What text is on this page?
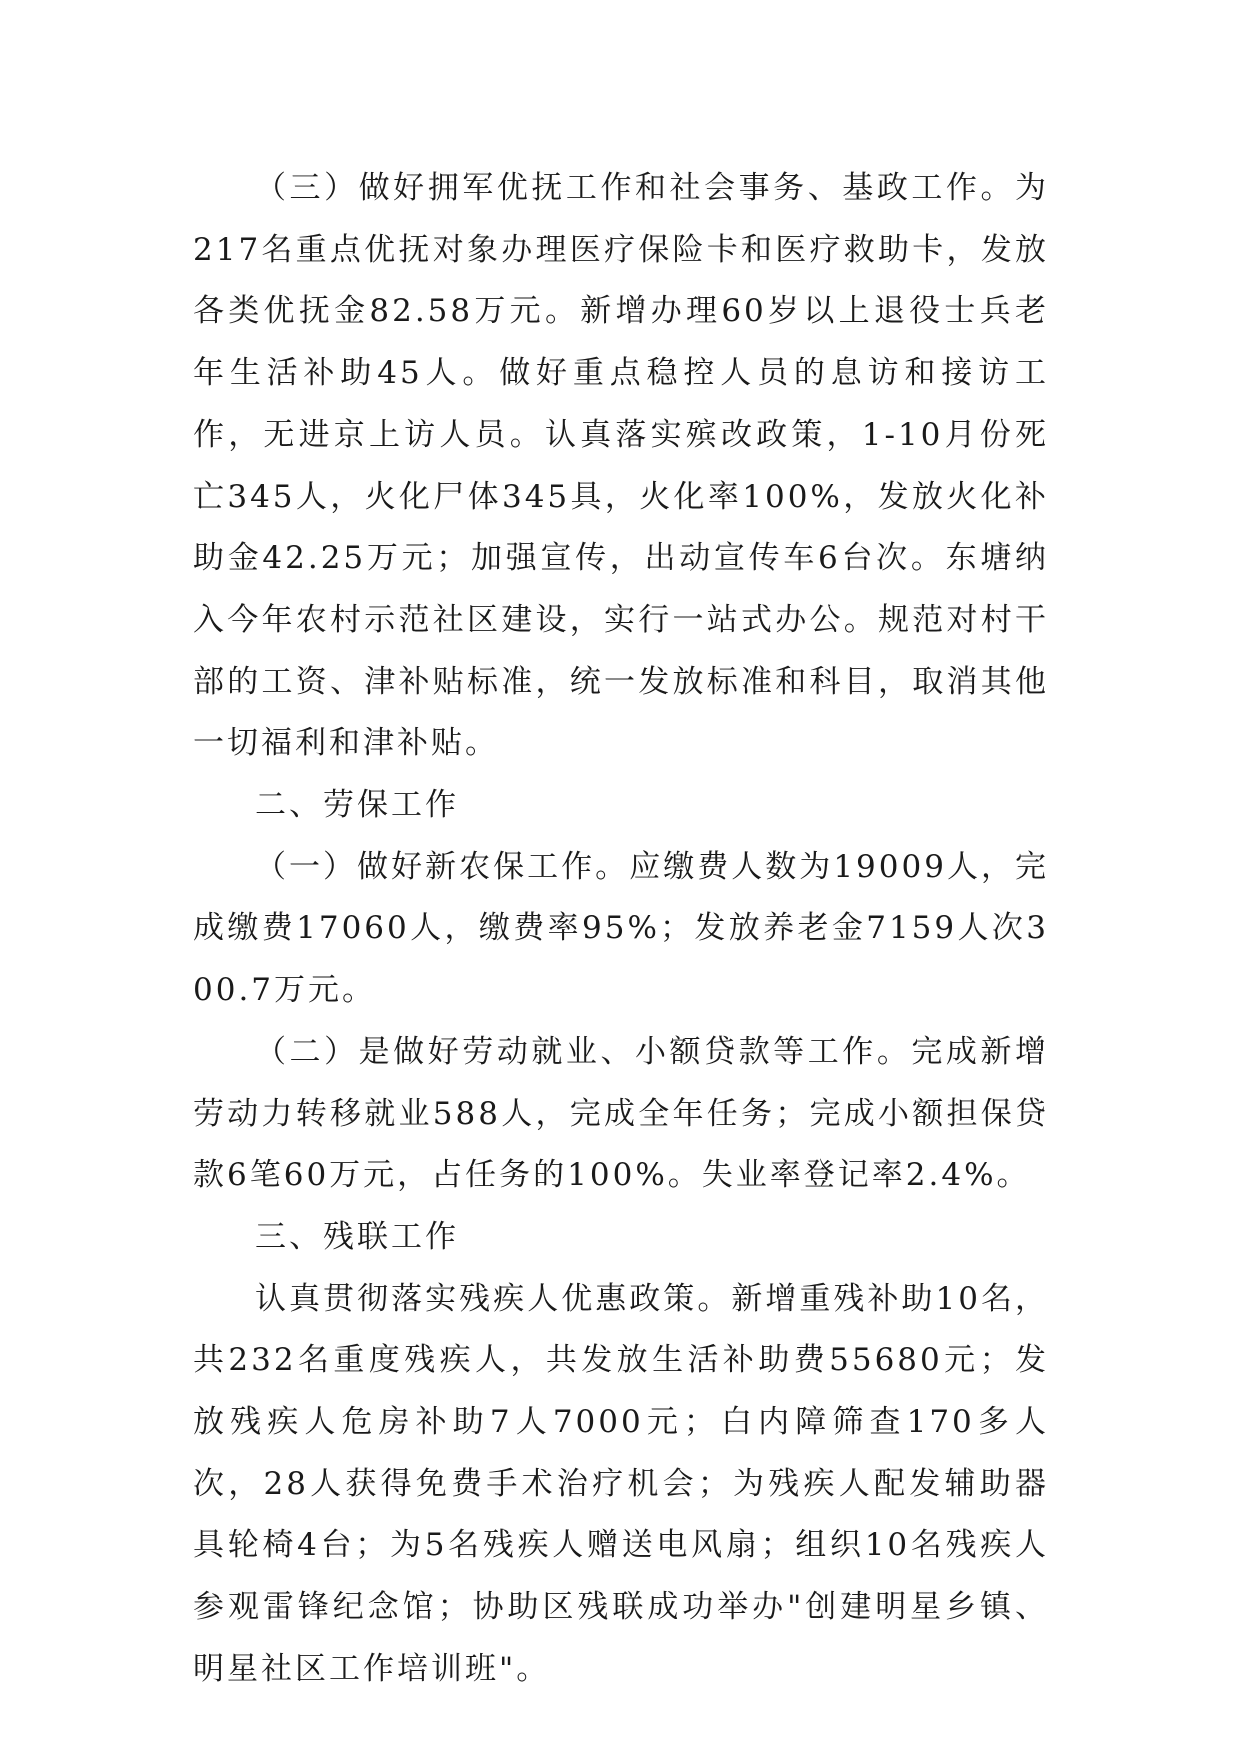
（三）做好拥军优抚工作和社会事务、基政工作。为217名重点优抚对象办理医疗保险卡和医疗救助卡，发放各类优抚金82.58万元。新增办理60岁以上退役士兵老年生活补助45人。做好重点稳控人员的息访和接访工作，无进京上访人员。认真落实殡改政策，1-10月份死亡345人，火化尸体345具，火化率100%，发放火化补助金42.25万元；加强宣传，出动宣传车6台次。东塘纳入今年农村示范社区建设，实行一站式办公。规范对村干部的工资、津补贴标准，统一发放标准和科目，取消其他一切福利和津补贴。

二、劳保工作

（一）做好新农保工作。应缴费人数为19009人，完成缴费17060人，缴费率95%；发放养老金7159人次300.7万元。

（二）是做好劳动就业、小额贷款等工作。完成新增劳动力转移就业588人，完成全年任务；完成小额担保贷款6笔60万元，占任务的100%。失业率登记率2.4%。

三、残联工作

认真贯彻落实残疾人优惠政策。新增重残补助10名，共232名重度残疾人，共发放生活补助费55680元；发放残疾人危房补助7人7000元；白内障筛查170多人次，28人获得免费手术治疗机会；为残疾人配发辅助器具轮椅4台；为5名残疾人赠送电风扇；组织10名残疾人参观雷锋纪念馆；协助区残联成功举办"创建明星乡镇、明星社区工作培训班"。
